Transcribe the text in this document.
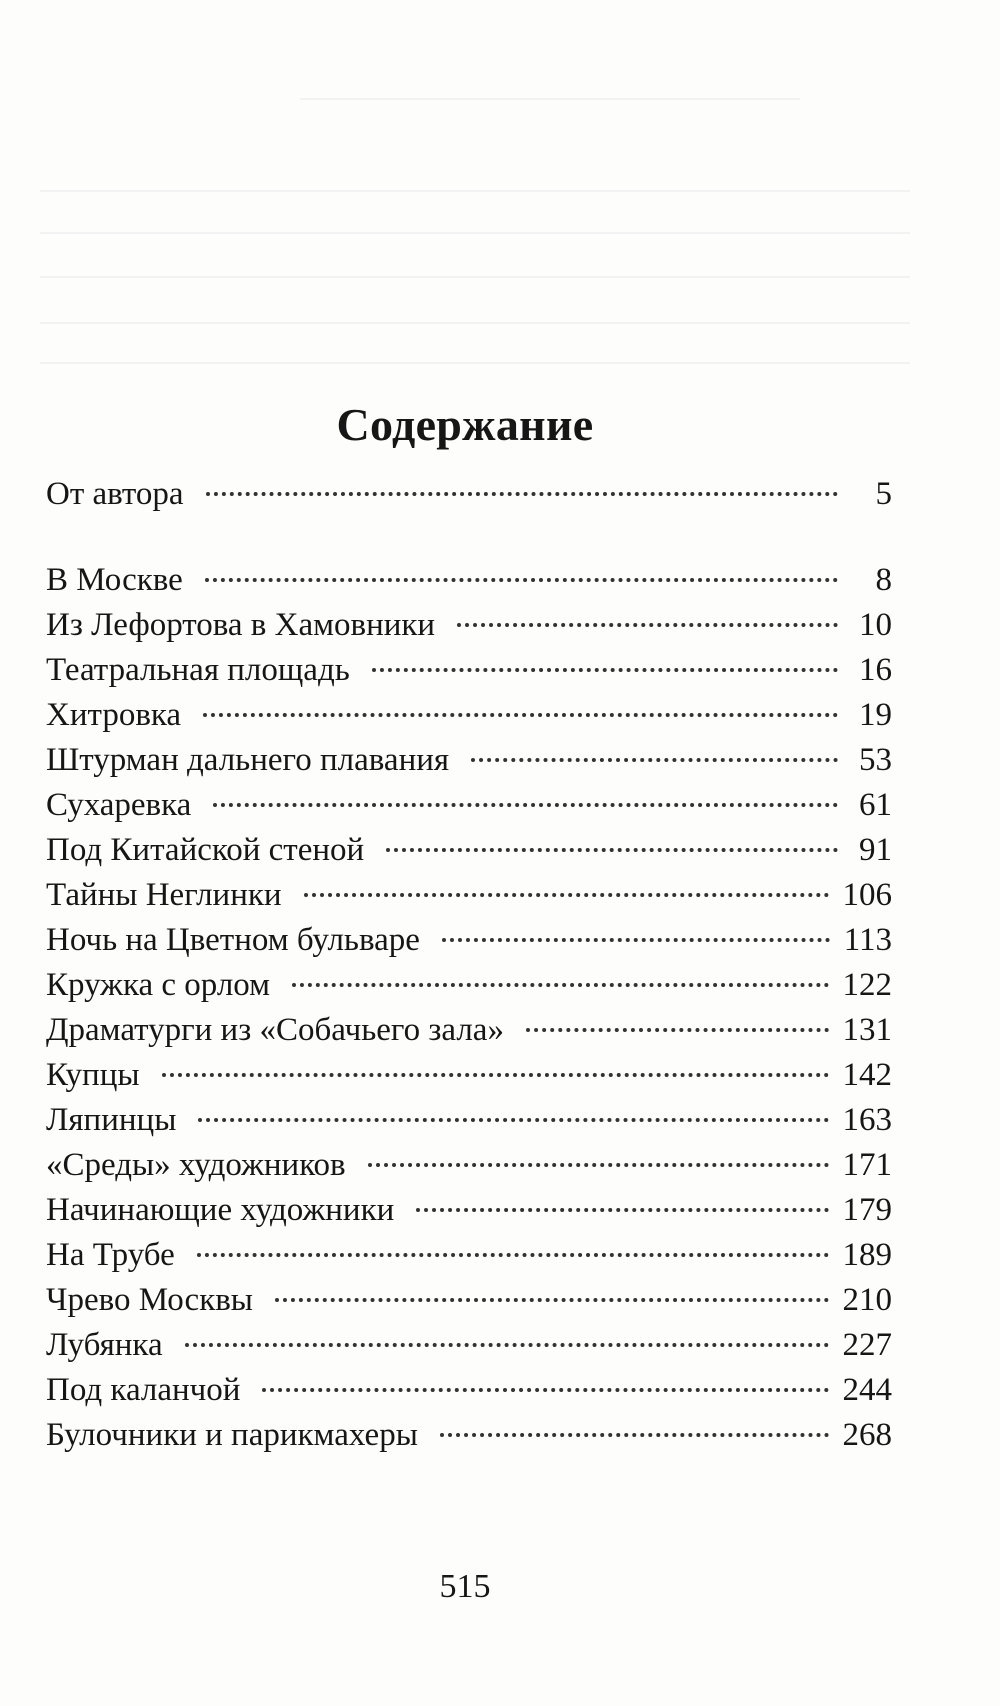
Содержание
От автора	5
В Москве	8
Из Лефортова в Хамовники	10
Театральная площадь	16
Хитровка	19
Штурман дальнего плавания	53
Сухаревка	61
Под Китайской стеной	91
Тайны Неглинки	106
Ночь на Цветном бульваре	113
Кружка с орлом	122
Драматурги из «Собачьего зала»	131
Купцы	142
Ляпинцы	163
«Среды» художников	171
Начинающие художники	179
На Трубе	189
Чрево Москвы	210
Лубянка	227
Под каланчой	244
Булочники и парикмахеры	268
515
